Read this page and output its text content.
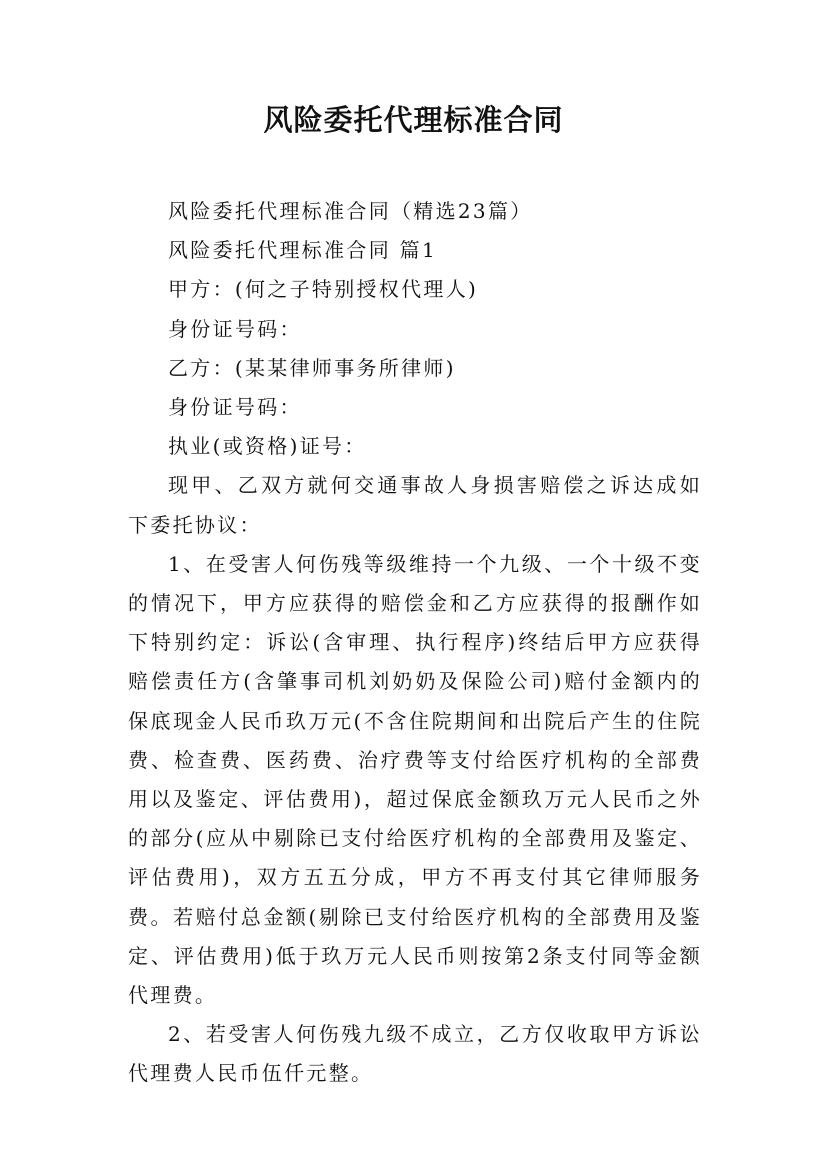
风险委托代理标准合同

风险委托代理标准合同（精选23篇）

风险委托代理标准合同 篇1

甲方：(何之子特别授权代理人)

身份证号码：

乙方：(某某律师事务所律师)

身份证号码：

执业(或资格)证号：

现甲、乙双方就何交通事故人身损害赔偿之诉达成如下委托协议：

1、在受害人何伤残等级维持一个九级、一个十级不变的情况下，甲方应获得的赔偿金和乙方应获得的报酬作如下特别约定：诉讼(含审理、执行程序)终结后甲方应获得赔偿责任方(含肇事司机刘奶奶及保险公司)赔付金额内的保底现金人民币玖万元(不含住院期间和出院后产生的住院费、检查费、医药费、治疗费等支付给医疗机构的全部费用以及鉴定、评估费用)，超过保底金额玖万元人民币之外的部分(应从中剔除已支付给医疗机构的全部费用及鉴定、评估费用)，双方五五分成，甲方不再支付其它律师服务费。若赔付总金额(剔除已支付给医疗机构的全部费用及鉴定、评估费用)低于玖万元人民币则按第2条支付同等金额代理费。

2、若受害人何伤残九级不成立，乙方仅收取甲方诉讼代理费人民币伍仟元整。
